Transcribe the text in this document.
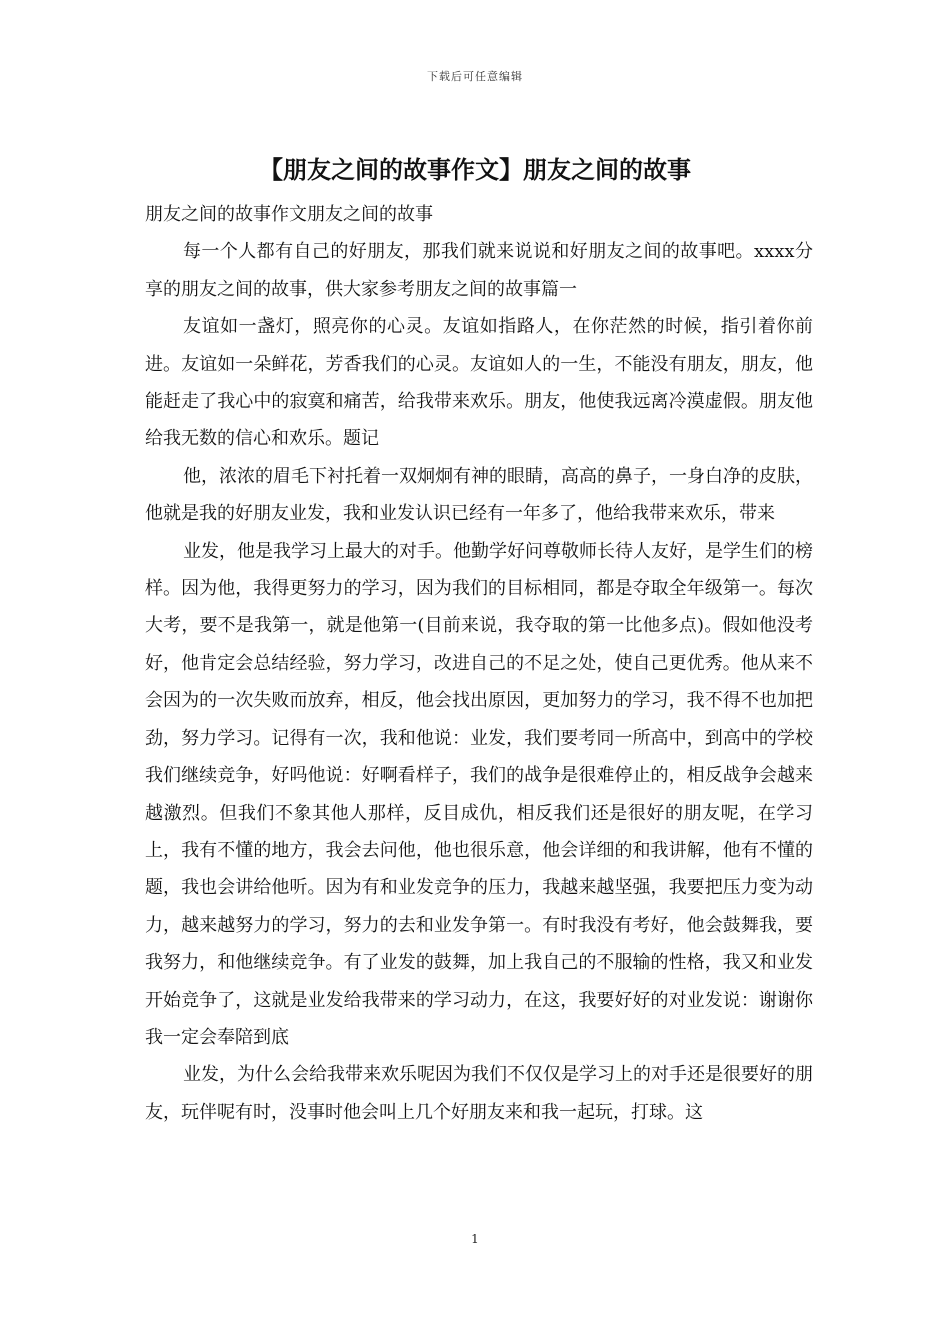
下载后可任意编辑
【朋友之间的故事作文】朋友之间的故事

朋友之间的故事作文朋友之间的故事

每一个人都有自己的好朋友，那我们就来说说和好朋友之间的故事吧。xxxx分享的朋友之间的故事，供大家参考朋友之间的故事篇一

友谊如一盏灯，照亮你的心灵。友谊如指路人，在你茫然的时候，指引着你前进。友谊如一朵鲜花，芳香我们的心灵。友谊如人的一生，不能没有朋友，朋友，他能赶走了我心中的寂寞和痛苦，给我带来欢乐。朋友，他使我远离冷漠虚假。朋友他给我无数的信心和欢乐。题记

他，浓浓的眉毛下衬托着一双炯炯有神的眼睛，高高的鼻子，一身白净的皮肤，他就是我的好朋友业发，我和业发认识已经有一年多了，他给我带来欢乐，带来

业发，他是我学习上最大的对手。他勤学好问尊敬师长待人友好，是学生们的榜样。因为他，我得更努力的学习，因为我们的目标相同，都是夺取全年级第一。每次大考，要不是我第一，就是他第一(目前来说，我夺取的第一比他多点)。假如他没考好，他肯定会总结经验，努力学习，改进自己的不足之处，使自己更优秀。他从来不会因为的一次失败而放弃，相反，他会找出原因，更加努力的学习，我不得不也加把劲，努力学习。记得有一次，我和他说：业发，我们要考同一所高中，到高中的学校我们继续竞争，好吗他说：好啊看样子，我们的战争是很难停止的，相反战争会越来越激烈。但我们不象其他人那样，反目成仇，相反我们还是很好的朋友呢，在学习上，我有不懂的地方，我会去问他，他也很乐意，他会详细的和我讲解，他有不懂的题，我也会讲给他听。因为有和业发竞争的压力，我越来越坚强，我要把压力变为动力，越来越努力的学习，努力的去和业发争第一。有时我没有考好，他会鼓舞我，要我努力，和他继续竞争。有了业发的鼓舞，加上我自己的不服输的性格，我又和业发开始竞争了，这就是业发给我带来的学习动力，在这，我要好好的对业发说：谢谢你我一定会奉陪到底

业发，为什么会给我带来欢乐呢因为我们不仅仅是学习上的对手还是很要好的朋友，玩伴呢有时，没事时他会叫上几个好朋友来和我一起玩，打球。这

1
